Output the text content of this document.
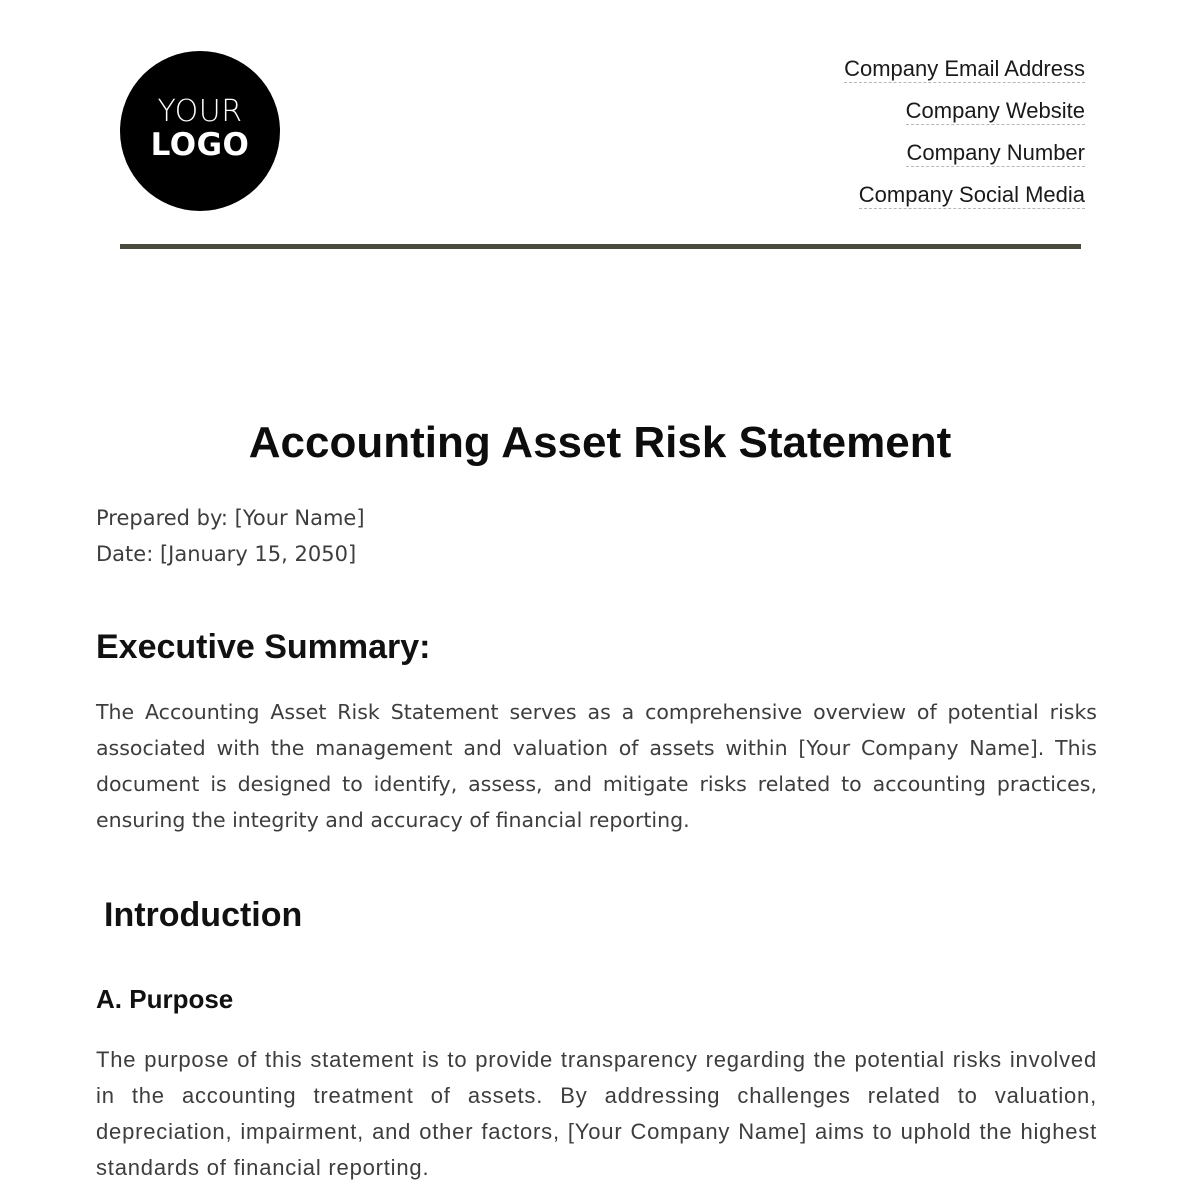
YOUR
LOGO
Company Email Address
Company Website
Company Number
Company Social Media
Accounting Asset Risk Statement
Prepared by: [Your Name]
Date: [January 15, 2050]
Executive Summary:

The Accounting Asset Risk Statement serves as a comprehensive overview of potential risks associated with the management and valuation of assets within [Your Company Name]. This document is designed to identify, assess, and mitigate risks related to accounting practices, ensuring the integrity and accuracy of financial reporting.

Introduction
A. Purpose

The purpose of this statement is to provide transparency regarding the potential risks involved in the accounting treatment of assets. By addressing challenges related to valuation, depreciation, impairment, and other factors, [Your Company Name] aims to uphold the highest standards of financial reporting.
